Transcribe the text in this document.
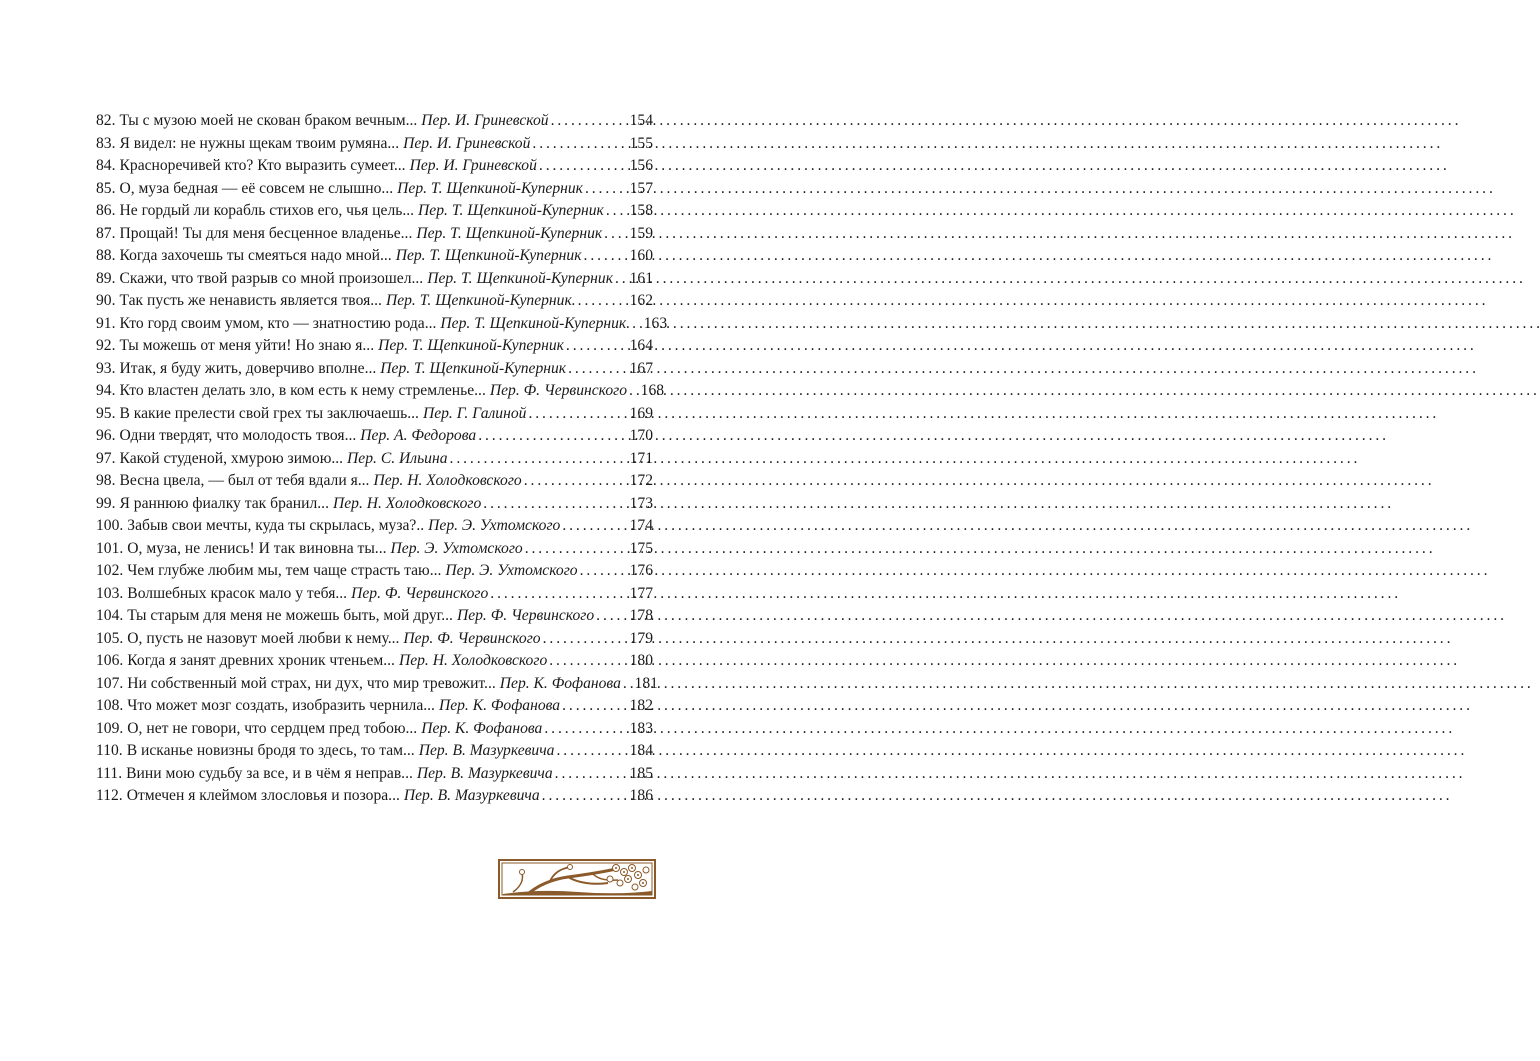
82. Ты с музою моей не скован браком вечным... Пер. И. Гриневской . . .	154
83. Я видел: не нужны щекам твоим румяна... Пер. И. Гриневской . . .	155
84. Красноречивей кто? Кто выразить сумеет... Пер. И. Гриневской . . .	156
85. О, муза бедная — её совсем не слышно... Пер. Т. Щепкиной-Куперник . . .	157
86. Не гордый ли корабль стихов его, чья цель... Пер. Т. Щепкиной-Куперник . . . 158
87. Прощай! Ты для меня бесценное владенье... Пер. Т. Щепкиной-Куперник . . . 159
88. Когда захочешь ты смеяться надо мной... Пер. Т. Щепкиной-Куперник . . .	160
89. Скажи, что твой разрыв со мной произошел... Пер. Т. Щепкиной-Куперник . . . 161
90. Так пусть же ненависть является твоя... Пер. Т. Щепкиной-Куперник. . . .	162
91. Кто горд своим умом, кто — знатностию рода... Пер. Т. Щепкиной-Куперник. . . . 163
92. Ты можешь от меня уйти! Но знаю я... Пер. Т. Щепкиной-Куперник . . .	164
93. Итак, я буду жить, доверчиво вполне... Пер. Т. Щепкиной-Куперник . . .	167
94. Кто властен делать зло, в ком есть к нему стремленье... Пер. Ф. Червинского . . . 168
95. В какие прелести свой грех ты заключаешь... Пер. Г. Галиной . . .	169
96. Одни твердят, что молодость твоя... Пер. А. Федорова . . .	170
97. Какой студеной, хмурою зимою... Пер. С. Ильина . . .	171
98. Весна цвела, — был от тебя вдали я... Пер. Н. Холодковского . . .	172
99. Я раннюю фиалку так бранил... Пер. Н. Холодковского . . .	173
100. Забыв свои мечты, куда ты скрылась, муза?.. Пер. Э. Ухтомского . . .	174
101. О, муза, не ленись! И так виновна ты... Пер. Э. Ухтомского . . .	175
102. Чем глубже любим мы, тем чаще страсть таю... Пер. Э. Ухтомского . . .	176
103. Волшебных красок мало у тебя... Пер. Ф. Червинского . . .	177
104. Ты старым для меня не можешь быть, мой друг... Пер. Ф. Червинского . . . 178
105. О, пусть не назовут моей любви к нему... Пер. Ф. Червинского . . .	179
106. Когда я занят древних хроник чтеньем... Пер. Н. Холодковского . . .	180
107. Ни собственный мой страх, ни дух, что мир тревожит... Пер. К. Фофанова . . . 181
108. Что может мозг создать, изобразить чернила... Пер. К. Фофанова . . .	182
109. О, нет не говори, что сердцем пред тобою... Пер. К. Фофанова . . .	183
110. В исканье новизны бродя то здесь, то там... Пер. В. Мазуркевича . . .	184
111. Вини мою судьбу за все, и в чём я неправ... Пер. В. Мазуркевича . . .	185
112. Отмечен я клеймом злословья и позора... Пер. В. Мазуркевича . . .	186
